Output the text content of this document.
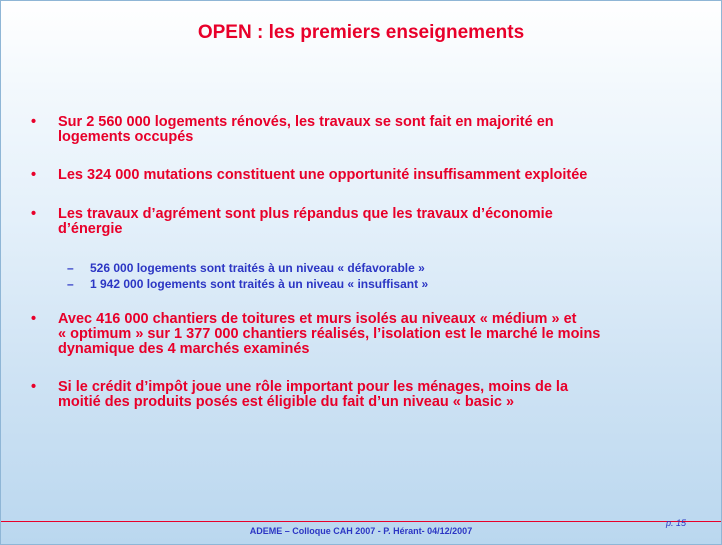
OPEN : les premiers enseignements
• Sur 2 560 000 logements rénovés, les travaux se sont fait en majorité en
logements occupés
• Les 324 000 mutations constituent une opportunité insuffisamment exploitée
• Les travaux d’agrément sont plus répandus que les travaux d’économie
d’énergie
– 526 000 logements sont traités à un niveau « défavorable »
– 1 942 000 logements sont traités à un niveau « insuffisant »
• Avec 416 000 chantiers de toitures et murs isolés au niveaux « médium » et
« optimum » sur 1 377 000 chantiers réalisés, l’isolation est le marché le moins
dynamique des 4 marchés examinés
• Si le crédit d’impôt joue une rôle important pour les ménages, moins de la
moitié des produits posés est éligible du fait d’un niveau « basic »
ADEME – Colloque CAH 2007 - P. Hérant- 04/12/2007
p. 15
